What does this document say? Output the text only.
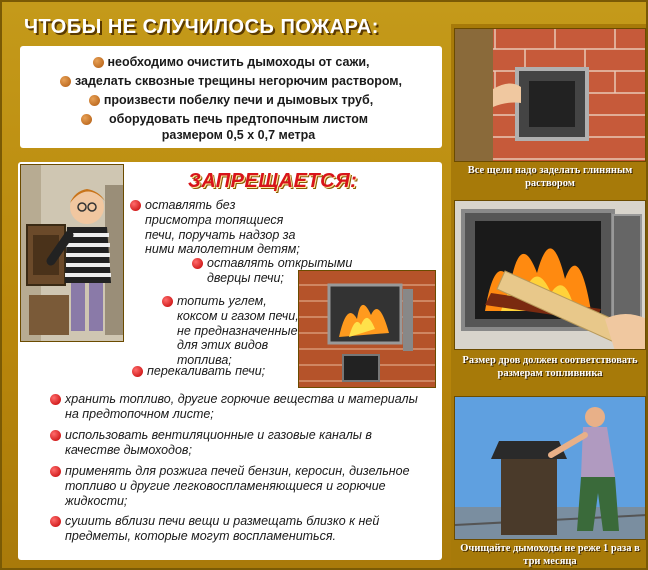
ЧТОБЫ НЕ СЛУЧИЛОСЬ ПОЖАРА:
необходимо очистить дымоходы от сажи,
заделать сквозные трещины негорючим раствором,
произвести побелку печи и дымовых труб,
оборудовать печь предтопочным листом размером 0,5 х 0,7 метра
ЗАПРЕЩАЕТСЯ:
оставлять без присмотра топящиеся печи, поручать надзор за ними малолетним детям;
оставлять открытыми дверцы печи;
топить углем, коксом и газом печи, не предназначенные для этих видов топлива;
перекаливать печи;
хранить топливо, другие горючие вещества и материалы на предтопочном листе;
использовать вентиляционные и газовые каналы в качестве дымоходов;
применять для розжига печей бензин, керосин, дизельное топливо и другие легковоспламеняющиеся и горючие жидкости;
сушить вблизи печи вещи и размещать близко к ней предметы, которые могут воспламениться.
Все щели надо заделать глиняным раствором
Размер дров должен соответствовать размерам топливника
Очищайте дымоходы не реже 1 раза в три месяца
